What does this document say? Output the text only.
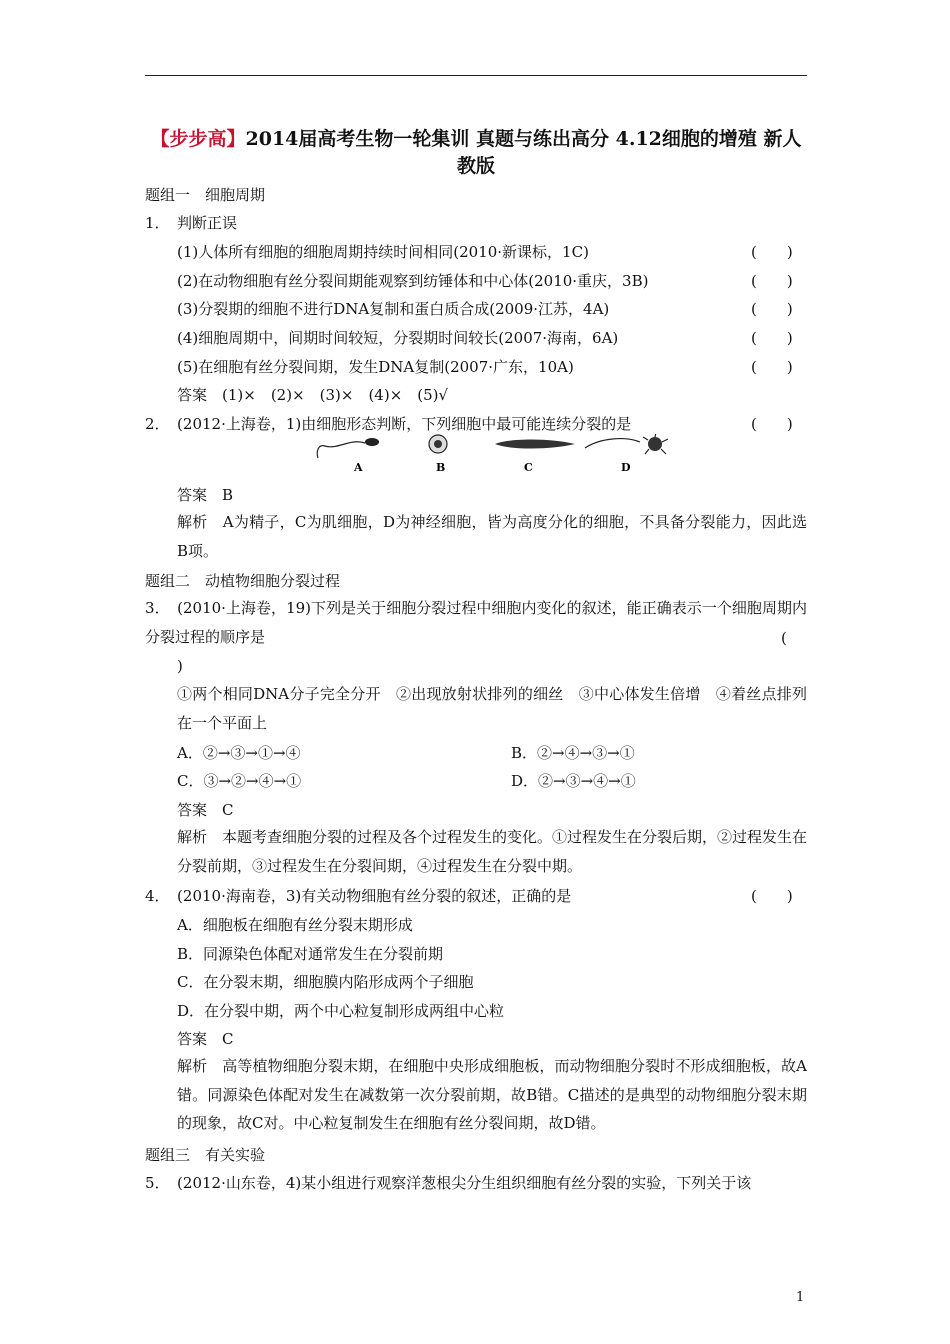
【步步高】2014届高考生物一轮集训 真题与练出高分 4.12细胞的增殖 新人教版
题组一　细胞周期
1．　判断正误
(1)人体所有细胞的细胞周期持续时间相同(2010·新课标，1C)	(　　)
(2)在动物细胞有丝分裂间期能观察到纺锤体和中心体(2010·重庆，3B)	(　　)
(3)分裂期的细胞不进行DNA复制和蛋白质合成(2009·江苏，4A)	(　　)
(4)细胞周期中，间期时间较短，分裂期时间较长(2007·海南，6A)	(　　)
(5)在细胞有丝分裂间期，发生DNA复制(2007·广东，10A)	(　　)
答案　(1)×　(2)×　(3)×　(4)×　(5)√
2．　(2012·上海卷，1)由细胞形态判断，下列细胞中最可能连续分裂的是	(　　)
A	B	C	D
答案　B
解析　A为精子，C为肌细胞，D为神经细胞，皆为高度分化的细胞，不具备分裂能力，因此选B项。
题组二　动植物细胞分裂过程
3．　(2010·上海卷，19)下列是关于细胞分裂过程中细胞内变化的叙述，能正确表示一个细胞周期内分裂过程的顺序是	(
)
①两个相同DNA分子完全分开　②出现放射状排列的细丝　③中心体发生倍增　④着丝点排列在一个平面上
A．②→③→①→④	B．②→④→③→①
C．③→②→④→①	D．②→③→④→①
答案　C
解析　本题考查细胞分裂的过程及各个过程发生的变化。①过程发生在分裂后期，②过程发生在分裂前期，③过程发生在分裂间期，④过程发生在分裂中期。
4．　(2010·海南卷，3)有关动物细胞有丝分裂的叙述，正确的是	(　　)
A．细胞板在细胞有丝分裂末期形成
B．同源染色体配对通常发生在分裂前期
C．在分裂末期，细胞膜内陷形成两个子细胞
D．在分裂中期，两个中心粒复制形成两组中心粒
答案　C
解析　高等植物细胞分裂末期，在细胞中央形成细胞板，而动物细胞分裂时不形成细胞板，故A错。同源染色体配对发生在减数第一次分裂前期，故B错。C描述的是典型的动物细胞分裂末期的现象，故C对。中心粒复制发生在细胞有丝分裂间期，故D错。
题组三　有关实验
5．　(2012·山东卷，4)某小组进行观察洋葱根尖分生组织细胞有丝分裂的实验，下列关于该
1
